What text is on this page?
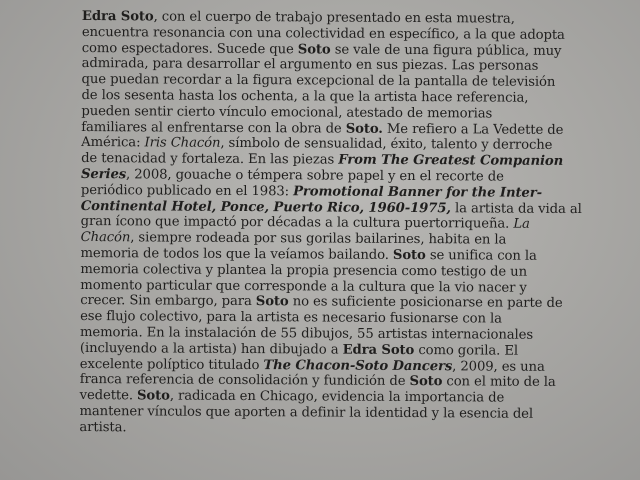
Edra Soto, con el cuerpo de trabajo presentado en esta muestra,
encuentra resonancia con una colectividad en específico, a la que adopta
como espectadores. Sucede que Soto se vale de una figura pública, muy
admirada, para desarrollar el argumento en sus piezas. Las personas
que puedan recordar a la figura excepcional de la pantalla de televisión
de los sesenta hasta los ochenta, a la que la artista hace referencia,
pueden sentir cierto vínculo emocional, atestado de memorias
familiares al enfrentarse con la obra de Soto. Me refiero a La Vedette de
América: Iris Chacón, símbolo de sensualidad, éxito, talento y derroche
de tenacidad y fortaleza. En las piezas From The Greatest Companion
Series, 2008, gouache o témpera sobre papel y en el recorte de
periódico publicado en el 1983: Promotional Banner for the Inter-
Continental Hotel, Ponce, Puerto Rico, 1960-1975, la artista da vida al
gran ícono que impactó por décadas a la cultura puertorriqueña. La
Chacón, siempre rodeada por sus gorilas bailarines, habita en la
memoria de todos los que la veíamos bailando. Soto se unifica con la
memoria colectiva y plantea la propia presencia como testigo de un
momento particular que corresponde a la cultura que la vio nacer y
crecer. Sin embargo, para Soto no es suficiente posicionarse en parte de
ese flujo colectivo, para la artista es necesario fusionarse con la
memoria. En la instalación de 55 dibujos, 55 artistas internacionales
(incluyendo a la artista) han dibujado a Edra Soto como gorila. El
excelente políptico titulado The Chacon-Soto Dancers, 2009, es una
franca referencia de consolidación y fundición de Soto con el mito de la
vedette. Soto, radicada en Chicago, evidencia la importancia de
mantener vínculos que aporten a definir la identidad y la esencia del
artista.
